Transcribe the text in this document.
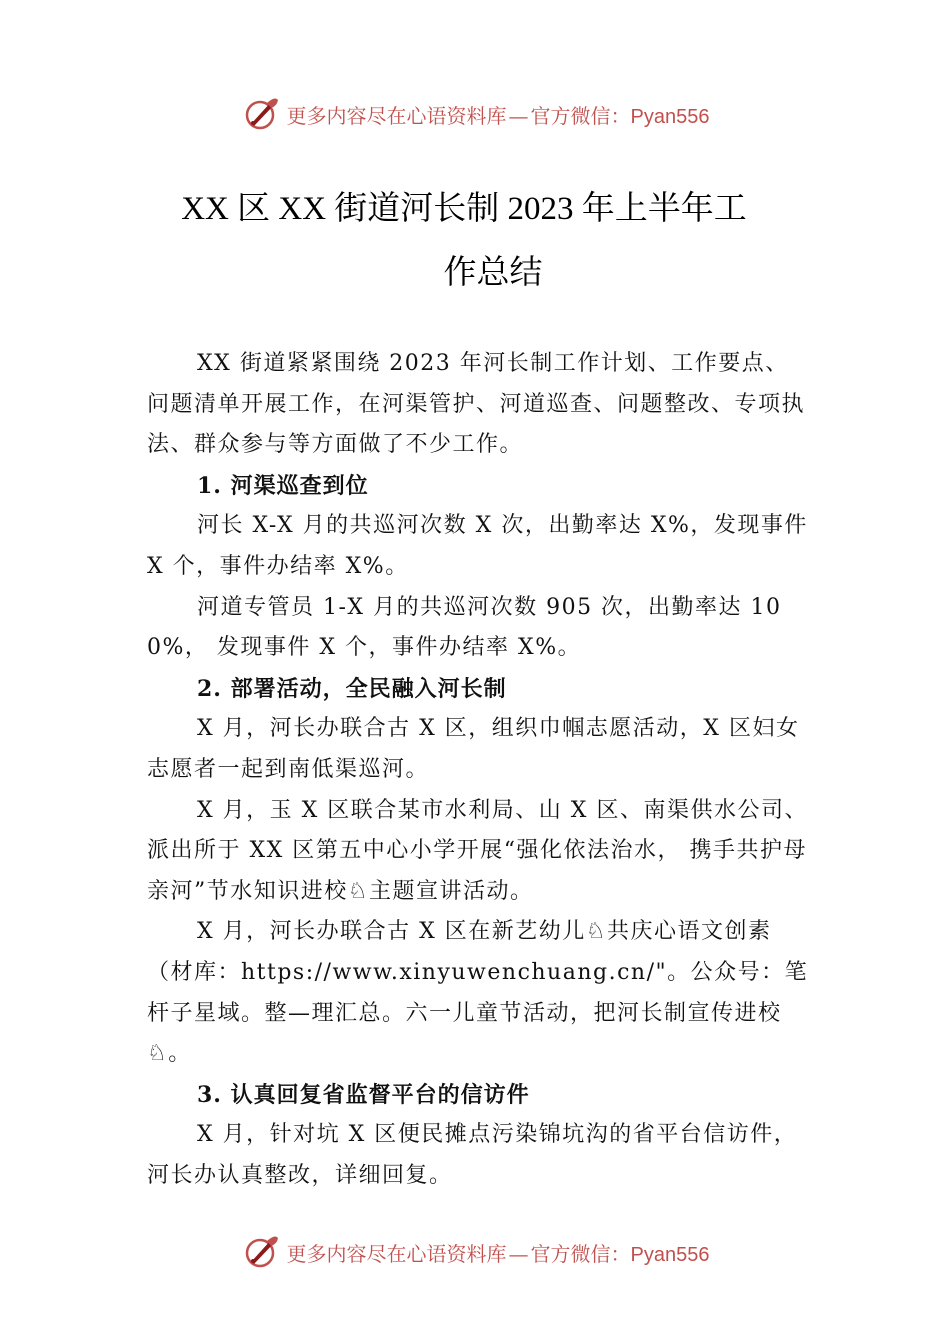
更多内容尽在心语资料库 — 官方微信：Pyan556
XX 区 XX 街道河长制 2023 年上半年工
作总结

XX 街道紧紧围绕 2023 年河长制工作计划、工作要点、问题清单开展工作，在河渠管护、河道巡查、问题整改、专项执法、群众参与等方面做了不少工作。

1. 河渠巡查到位

河长 X-X 月的共巡河次数 X 次，出勤率达 X%，发现事件 X 个，事件办结率 X%。

河道专管员 1-X 月的共巡河次数 905 次，出勤率达 100%， 发现事件 X 个，事件办结率 X%。

2. 部署活动，全民融入河长制

X 月，河长办联合古 X 区，组织巾帼志愿活动，X 区妇女志愿者一起到南低渠巡河。

X 月，玉 X 区联合某市水利局、山 X 区、南渠供水公司、派出所于 XX 区第五中心小学开展“强化依法治水， 携手共护母亲河”节水知识进校♘主题宣讲活动。

X 月，河长办联合古 X 区在新艺幼儿♘共庆心语文创素（材库：https://www.xinyuwenchuang.cn/"。公众号：笔杆子星域。整—理汇总。六一儿童节活动，把河长制宣传进校♘。

3. 认真回复省监督平台的信访件

X 月，针对坑 X 区便民摊点污染锦坑沟的省平台信访件，河长办认真整改，详细回复。

更多内容尽在心语资料库 — 官方微信：Pyan556
